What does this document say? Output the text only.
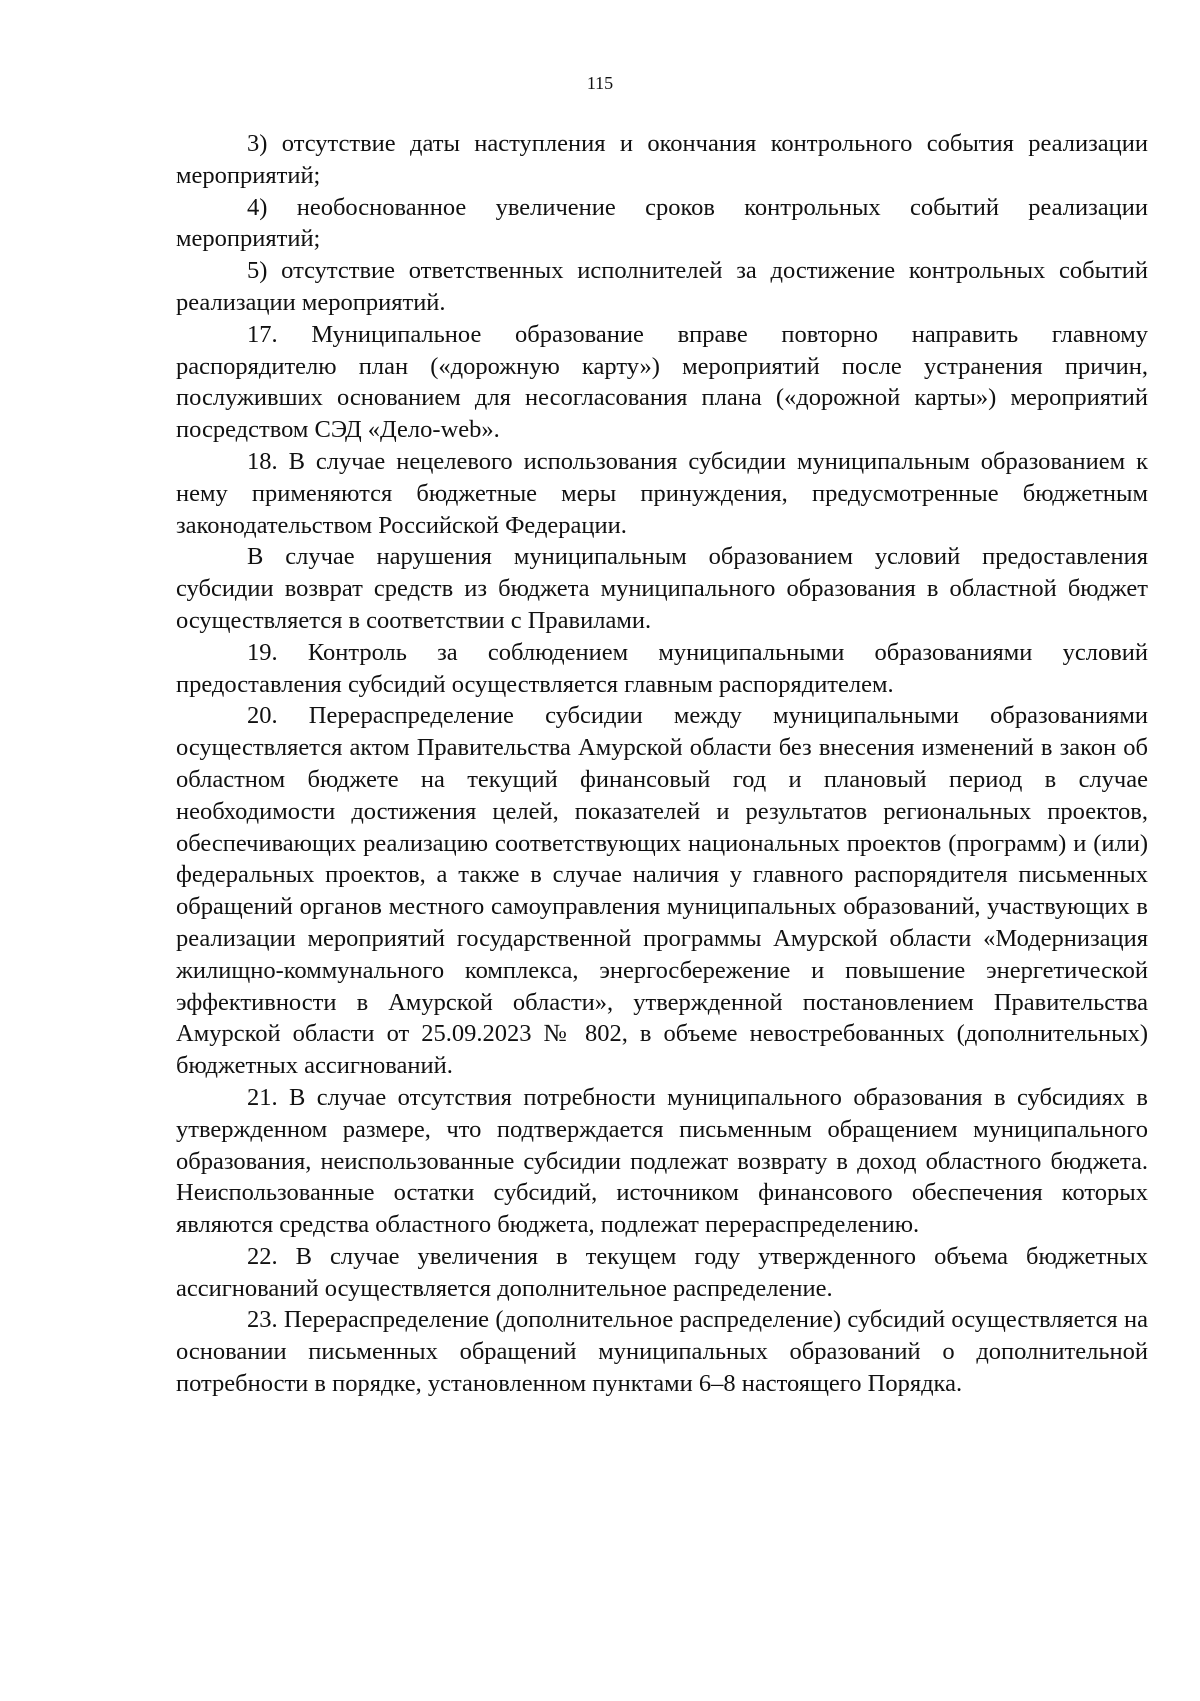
115

3) отсутствие даты наступления и окончания контрольного события реализации мероприятий;

4) необоснованное увеличение сроков контрольных событий реализации мероприятий;

5) отсутствие ответственных исполнителей за достижение контрольных событий реализации мероприятий.

17. Муниципальное образование вправе повторно направить главному распорядителю план («дорожную карту») мероприятий после устранения причин, послуживших основанием для несогласования плана («дорожной карты») мероприятий посредством СЭД «Дело-web».

18. В случае нецелевого использования субсидии муниципальным образованием к нему применяются бюджетные меры принуждения, предусмотренные бюджетным законодательством Российской Федерации.

В случае нарушения муниципальным образованием условий предоставления субсидии возврат средств из бюджета муниципального образования в областной бюджет осуществляется в соответствии с Правилами.

19. Контроль за соблюдением муниципальными образованиями условий предоставления субсидий осуществляется главным распорядителем.

20. Перераспределение субсидии между муниципальными образованиями осуществляется актом Правительства Амурской области без внесения изменений в закон об областном бюджете на текущий финансовый год и плановый период в случае необходимости достижения целей, показателей и результатов региональных проектов, обеспечивающих реализацию соответствующих национальных проектов (программ) и (или) федеральных проектов, а также в случае наличия у главного распорядителя письменных обращений органов местного самоуправления муниципальных образований, участвующих в реализации мероприятий государственной программы Амурской области «Модернизация жилищно-коммунального комплекса, энергосбережение и повышение энергетической эффективности в Амурской области», утвержденной постановлением Правительства Амурской области от 25.09.2023 № 802, в объеме невостребованных (дополнительных) бюджетных ассигнований.

21. В случае отсутствия потребности муниципального образования в субсидиях в утвержденном размере, что подтверждается письменным обращением муниципального образования, неиспользованные субсидии подлежат возврату в доход областного бюджета. Неиспользованные остатки субсидий, источником финансового обеспечения которых являются средства областного бюджета, подлежат перераспределению.

22. В случае увеличения в текущем году утвержденного объема бюджетных ассигнований осуществляется дополнительное распределение.

23. Перераспределение (дополнительное распределение) субсидий осуществляется на основании письменных обращений муниципальных образований о дополнительной потребности в порядке, установленном пунктами 6–8 настоящего Порядка.
